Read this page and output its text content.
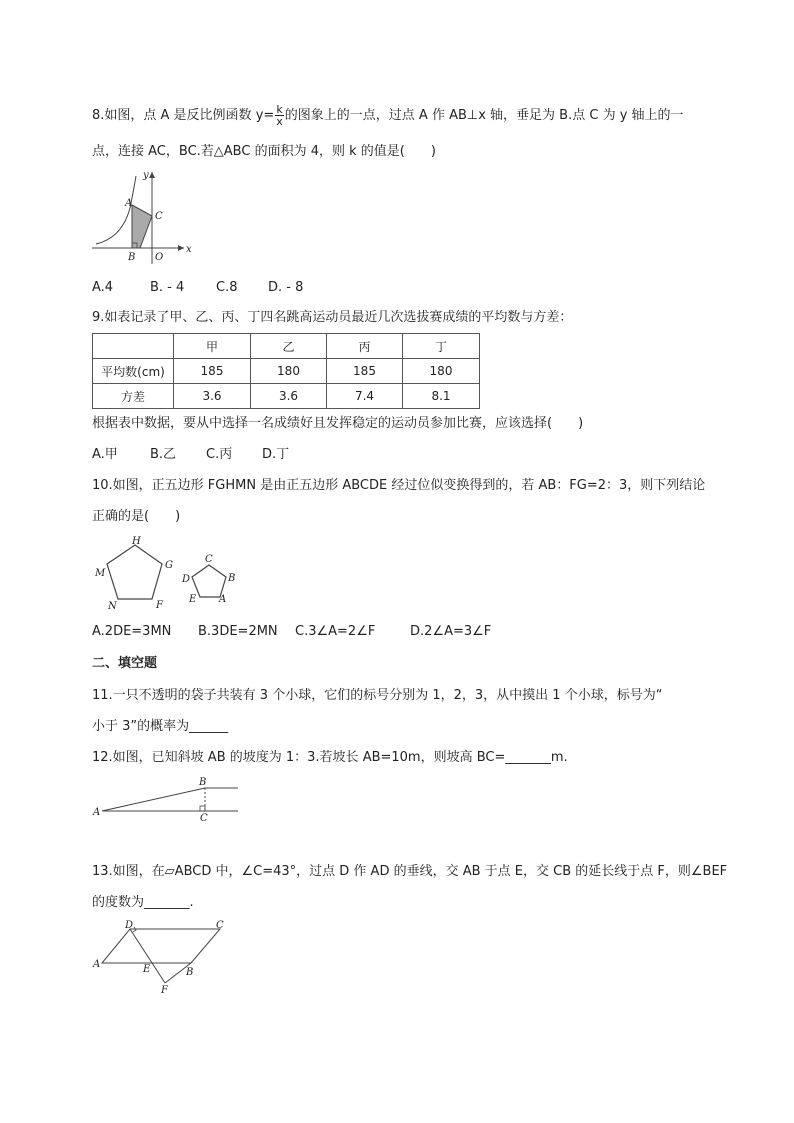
8.如图，点 A 是反比例函数 $y= \frac{k}{x}$ 的图象上的一点，过点 A 作 AB⊥x 轴，垂足为 B.点 C 为 y 轴上的一
点，连接 AC，BC.若△ABC 的面积为 4，则 k 的值是(　　)
y
x
A
B
C
O
A.4	B. - 4 C.8 D. - 8
9.如表记录了甲、乙、丙、丁四名跳高运动员最近几次选拔赛成绩的平均数与方差：
	甲	乙	丙	丁
平均数(cm)	185	180	185	180
方差	3.6	3.6	7.4	8.1
根据表中数据，要从中选择一名成绩好且发挥稳定的运动员参加比赛，应该选择(　　)
A.甲 B.乙 C.丙 D.丁
10.如图，正五边形 FGHMN 是由正五边形 ABCDE 经过位似变换得到的，若 AB：FG=2：3，则下列结论
正确的是(　　)
H
G
M
N	F
C
D	B
E A
A.2DE=3MN B.3DE=2MN C.3∠A=2∠F	D.2∠A=3∠F
二、填空题
11.一只不透明的袋子共装有 3 个小球，它们的标号分别为 1，2，3，从中摸出 1 个小球，标号为“
小于 3”的概率为______
12.如图，已知斜坡 AB 的坡度为 1：3.若坡长 AB=10m，则坡高 BC=_______m.
A
B
C
13.如图，在▱ABCD 中，∠C=43°，过点 D 作 AD 的垂线，交 AB 于点 E，交 CB 的延长线于点 F，则∠BEF
的度数为_______.
A
B
C
D
E
F
